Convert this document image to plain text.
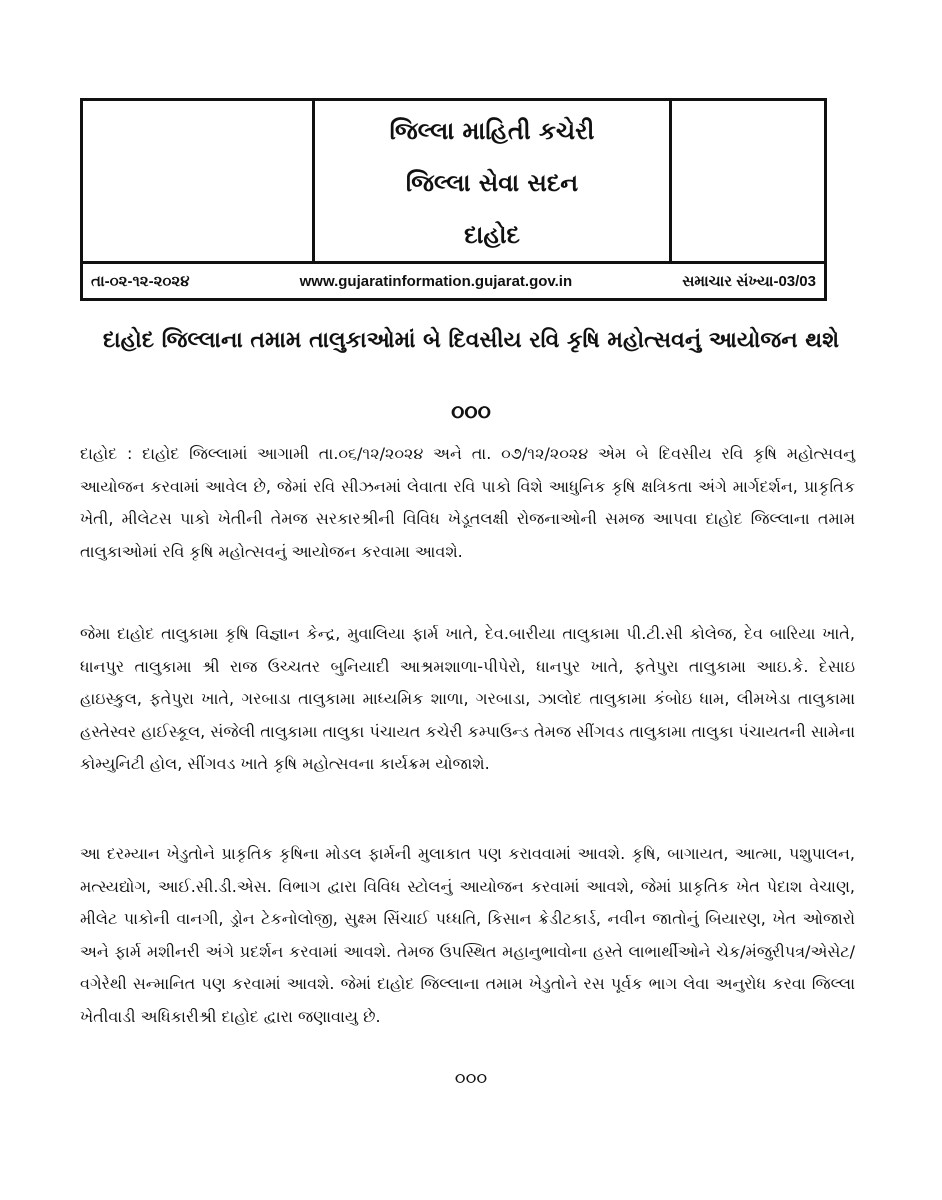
જિલ્લા માહિતી કચેરી
જિલ્લા સેવા સદન
દાહોદ

તા-૦૨-૧૨-૨૦૨૪	www.gujaratinformation.gujarat.gov.in	સમાચાર સંખ્યા-03/03
દાહોદ જિલ્લાના તમામ તાલુકાઓમાં બે દિવસીય રવિ કૃષિ મહોત્સવનું આયોજન થશે
૦૦૦

દાહોદ : દાહોદ જિલ્લામાં આગામી તા.૦૬/૧૨/૨૦૨૪ અને તા. ૦૭/૧૨/૨૦૨૪ એમ બે દિવસીય રવિ કૃષિ મહોત્સવનુ આયોજન કરવામાં આવેલ છે, જેમાં રવિ સીઝનમાં લેવાતા રવિ પાકો વિશે આધુનિક કૃષિ ક્ષત્રિકતા અંગે માર્ગદર્શન, પ્રાકૃતિક ખેતી, મીલેટસ પાકો ખેતીની તેમજ સરકારશ્રીની વિવિધ ખેડૂતલક્ષી રોજનાઓની સમજ આપવા દાહોદ જિલ્લાના તમામ તાલુકાઓમાં રવિ કૃષિ મહોત્સવનું આયોજન કરવામા આવશે.

જેમા દાહોદ તાલુકામા કૃષિ વિજ્ઞાન કેન્દ્ર, મુવાલિયા ફાર્મ ખાતે, દેવ.બારીયા તાલુકામા પી.ટી.સી કોલેજ, દેવ બારિયા ખાતે, ધાનપુર તાલુકામા શ્રી રાજ ઉચ્ચતર બુનિયાદી આશ્રમશાળા-પીપેરો, ધાનપુર ખાતે, ફતેપુરા તાલુકામા આઇ.કે. દેસાઇ હાઇસ્કુલ, ફતેપુરા ખાતે, ગરબાડા તાલુકામા માધ્યમિક શાળા, ગરબાડા, ઝાલોદ તાલુકામા કંબોઇ ધામ, લીમખેડા તાલુકામા હસ્તેસ્વર હાઈસ્કૂલ, સંજેલી તાલુકામા તાલુકા પંચાયત કચેરી કમ્પાઉન્ડ તેમજ સીંગવડ તાલુકામા તાલુકા પંચાયતની સામેના કોમ્યુનિટી હોલ, સીંગવડ ખાતે કૃષિ મહોત્સવના કાર્યક્રમ યોજાશે.

આ દરમ્યાન ખેડુતોને પ્રાકૃતિક કૃષિના મોડલ ફાર્મની મુલાકાત પણ કરાવવામાં આવશે. કૃષિ, બાગાયત, આત્મા, પશુપાલન, મત્સ્યદ્યોગ, આઈ.સી.ડી.એસ. વિભાગ દ્વારા વિવિધ સ્ટોલનું આયોજન કરવામાં આવશે, જેમાં પ્રાકૃતિક ખેત પેદાશ વેચાણ, મીલેટ પાકોની વાનગી, ડ્રોન ટેકનોલોજી, સુક્ષ્મ સિંચાઈ પધ્ધતિ, કિસાન ક્રેડીટકાર્ડ, નવીન જાતોનું બિયારણ, ખેત ઓજારો અને ફાર્મ મશીનરી અંગે પ્રદર્શન કરવામાં આવશે. તેમજ ઉપસ્થિત મહાનુભાવોના હસ્તે લાભાર્થીઓને ચેક/મંજુરીપત્ર/એસેટ/ વગેરેથી સન્માનિત પણ કરવામાં આવશે. જેમાં દાહોદ જિલ્લાના તમામ ખેડુતોને રસ પૂર્વક ભાગ લેવા અનુરોધ કરવા જિલ્લા ખેતીવાડી અધિકારીશ્રી દાહોદ દ્વારા જણાવાયુ છે.

૦૦૦
